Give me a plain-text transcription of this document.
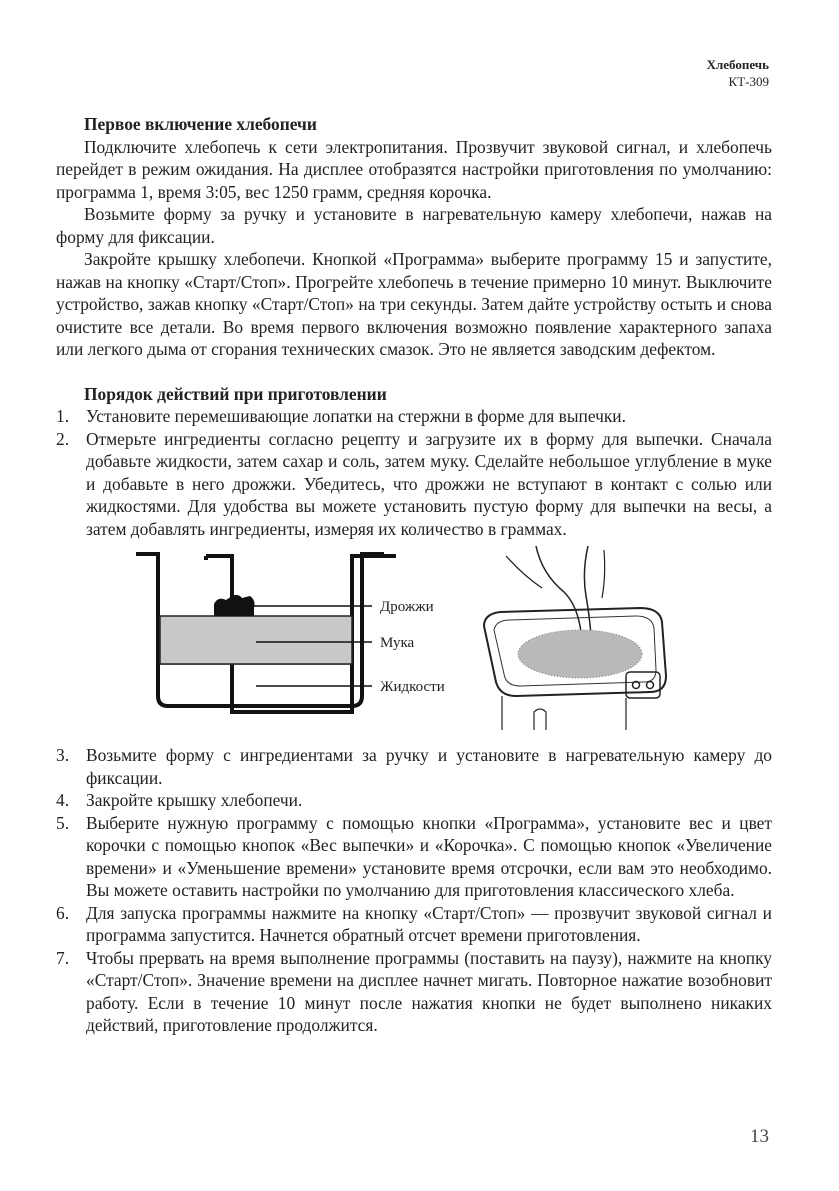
Хлебопечь
КТ-309
Первое включение хлебопечи

Подключите хлебопечь к сети электропитания. Прозвучит звуковой сигнал, и хлебопечь перейдет в режим ожидания. На дисплее отобразятся настройки приготовления по умолчанию: программа 1, время 3:05, вес 1250 грамм, средняя корочка.

Возьмите форму за ручку и установите в нагревательную камеру хлебопечи, нажав на форму для фиксации.

Закройте крышку хлебопечи. Кнопкой «Программа» выберите программу 15 и запустите, нажав на кнопку «Старт/Стоп». Прогрейте хлебопечь в течение примерно 10 минут. Выключите устройство, зажав кнопку «Старт/Стоп» на три секунды. Затем дайте устройству остыть и снова очистите все детали. Во время первого включения возможно появление характерного запаха или легкого дыма от сгорания технических смазок. Это не является заводским дефектом.

Порядок действий при приготовлении
1. Установите перемешивающие лопатки на стержни в форме для выпечки.
2. Отмерьте ингредиенты согласно рецепту и загрузите их в форму для выпечки. Сначала добавьте жидкости, затем сахар и соль, затем муку. Сделайте небольшое углубление в муке и добавьте в него дрожжи. Убедитесь, что дрожжи не вступают в контакт с солью или жидкостями. Для удобства вы можете установить пустую форму для выпечки на весы, а затем добавлять ингредиенты, измеряя их количество в граммах.
Дрожжи
Мука
Жидкости
3. Возьмите форму с ингредиентами за ручку и установите в нагревательную камеру до фиксации.
4. Закройте крышку хлебопечи.
5. Выберите нужную программу с помощью кнопки «Программа», установите вес и цвет корочки с помощью кнопок «Вес выпечки» и «Корочка». С помощью кнопок «Увеличение времени» и «Уменьшение времени» установите время отсрочки, если вам это необходимо. Вы можете оставить настройки по умолчанию для приготовления классического хлеба.
6. Для запуска программы нажмите на кнопку «Старт/Стоп» — прозвучит звуковой сигнал и программа запустится. Начнется обратный отсчет времени приготовления.
7. Чтобы прервать на время выполнение программы (поставить на паузу), нажмите на кнопку «Старт/Стоп». Значение времени на дисплее начнет мигать. Повторное нажатие возобновит работу. Если в течение 10 минут после нажатия кнопки не будет выполнено никаких действий, приготовление продолжится.
13
